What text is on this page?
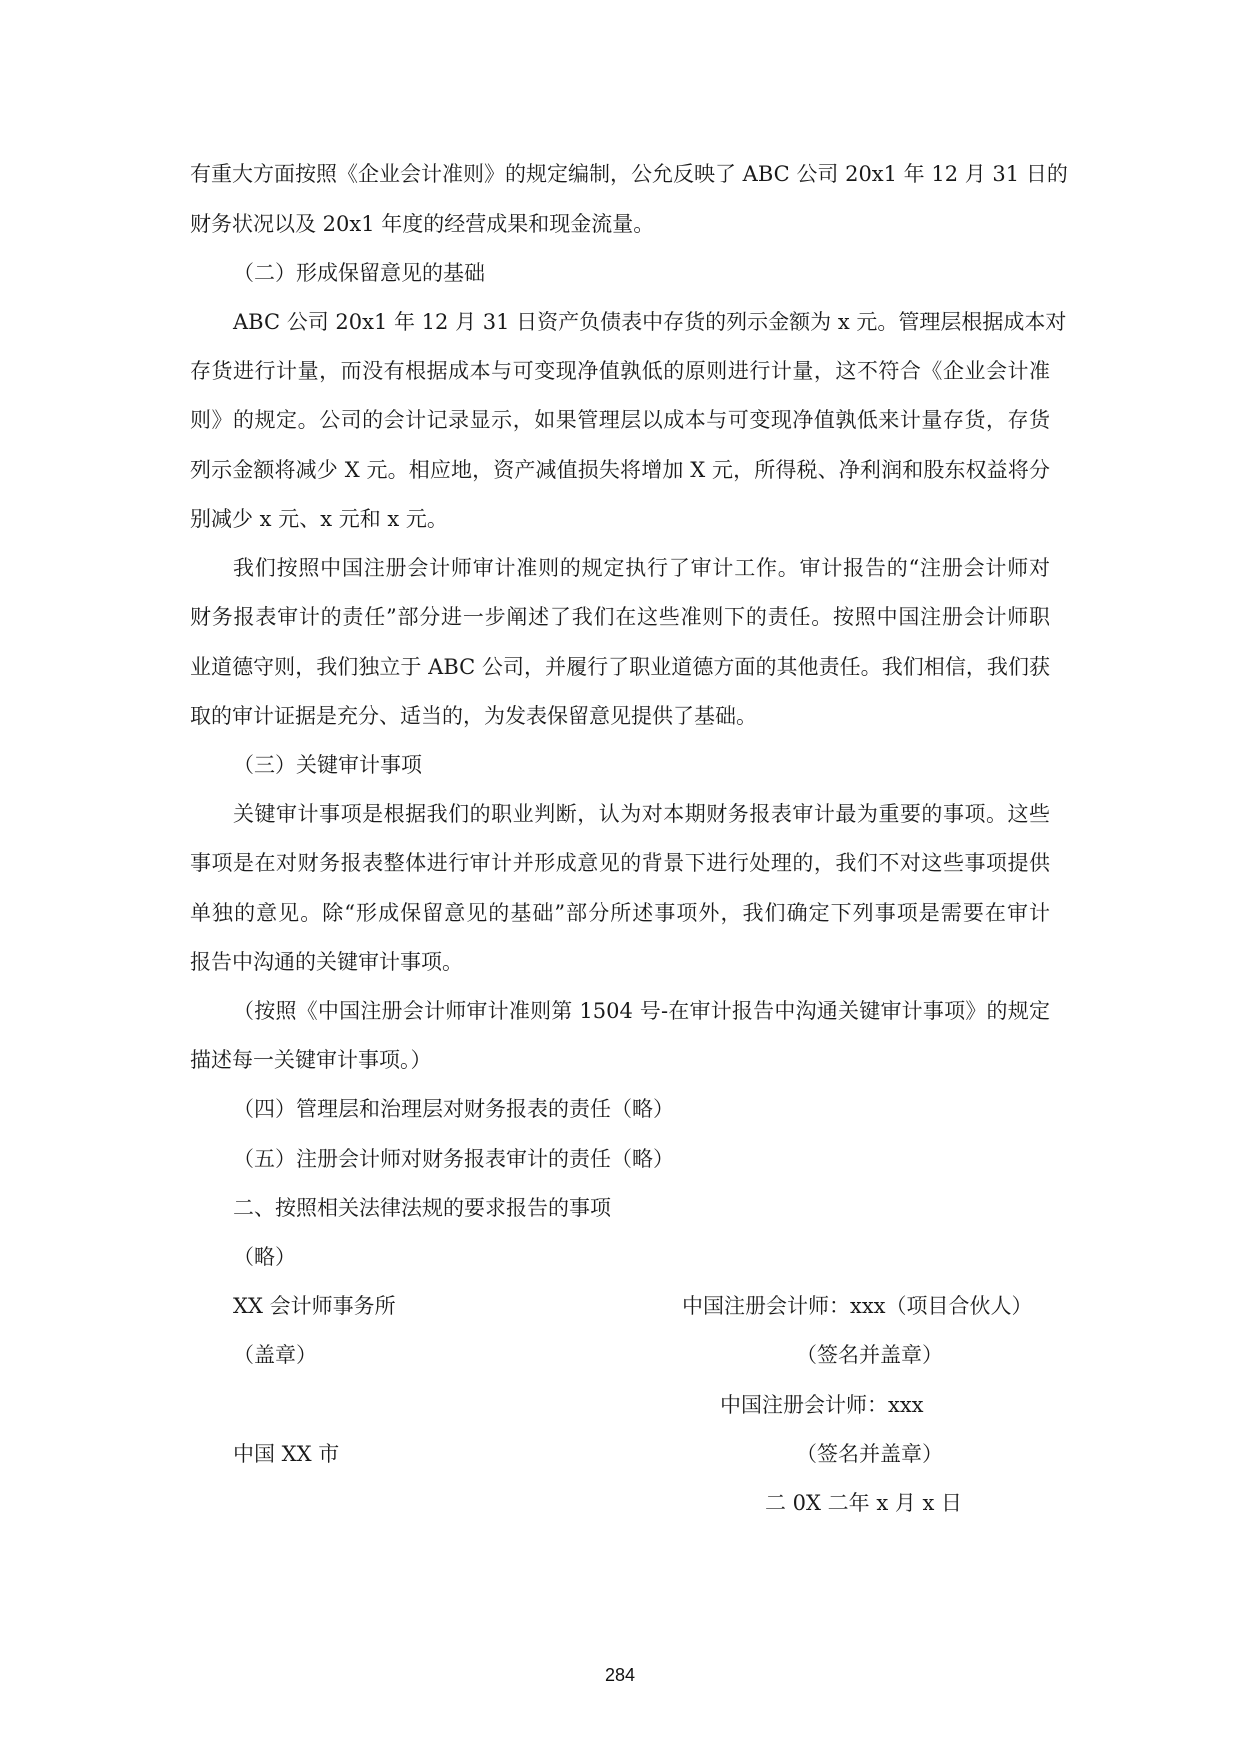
有重大方面按照《企业会计准则》的规定编制，公允反映了 ABC 公司 20x1 年 12 月 31 日的
财务状况以及 20x1 年度的经营成果和现金流量。
（二）形成保留意见的基础
ABC 公司 20x1 年 12 月 31 日资产负债表中存货的列示金额为 x 元。管理层根据成本对
存货进行计量，而没有根据成本与可变现净值孰低的原则进行计量，这不符合《企业会计准
则》的规定。公司的会计记录显示，如果管理层以成本与可变现净值孰低来计量存货，存货
列示金额将减少 X 元。相应地，资产减值损失将增加 X 元，所得税、净利润和股东权益将分
别减少 x 元、x 元和 x 元。
我们按照中国注册会计师审计准则的规定执行了审计工作。审计报告的“注册会计师对
财务报表审计的责任”部分进一步阐述了我们在这些准则下的责任。按照中国注册会计师职
业道德守则，我们独立于 ABC 公司，并履行了职业道德方面的其他责任。我们相信，我们获
取的审计证据是充分、适当的，为发表保留意见提供了基础。
（三）关键审计事项
关键审计事项是根据我们的职业判断，认为对本期财务报表审计最为重要的事项。这些
事项是在对财务报表整体进行审计并形成意见的背景下进行处理的，我们不对这些事项提供
单独的意见。除“形成保留意见的基础”部分所述事项外，我们确定下列事项是需要在审计
报告中沟通的关键审计事项。
（按照《中国注册会计师审计准则第 1504 号-在审计报告中沟通关键审计事项》的规定
描述每一关键审计事项。）
（四）管理层和治理层对财务报表的责任（略）
（五）注册会计师对财务报表审计的责任（略）
二、按照相关法律法规的要求报告的事项
（略）
XX 会计师事务所
（盖章）
中国 XX 市
中国注册会计师：xxx（项目合伙人）
（签名并盖章）
中国注册会计师：xxx
（签名并盖章）
二 0X 二年 x 月 x 日
284
